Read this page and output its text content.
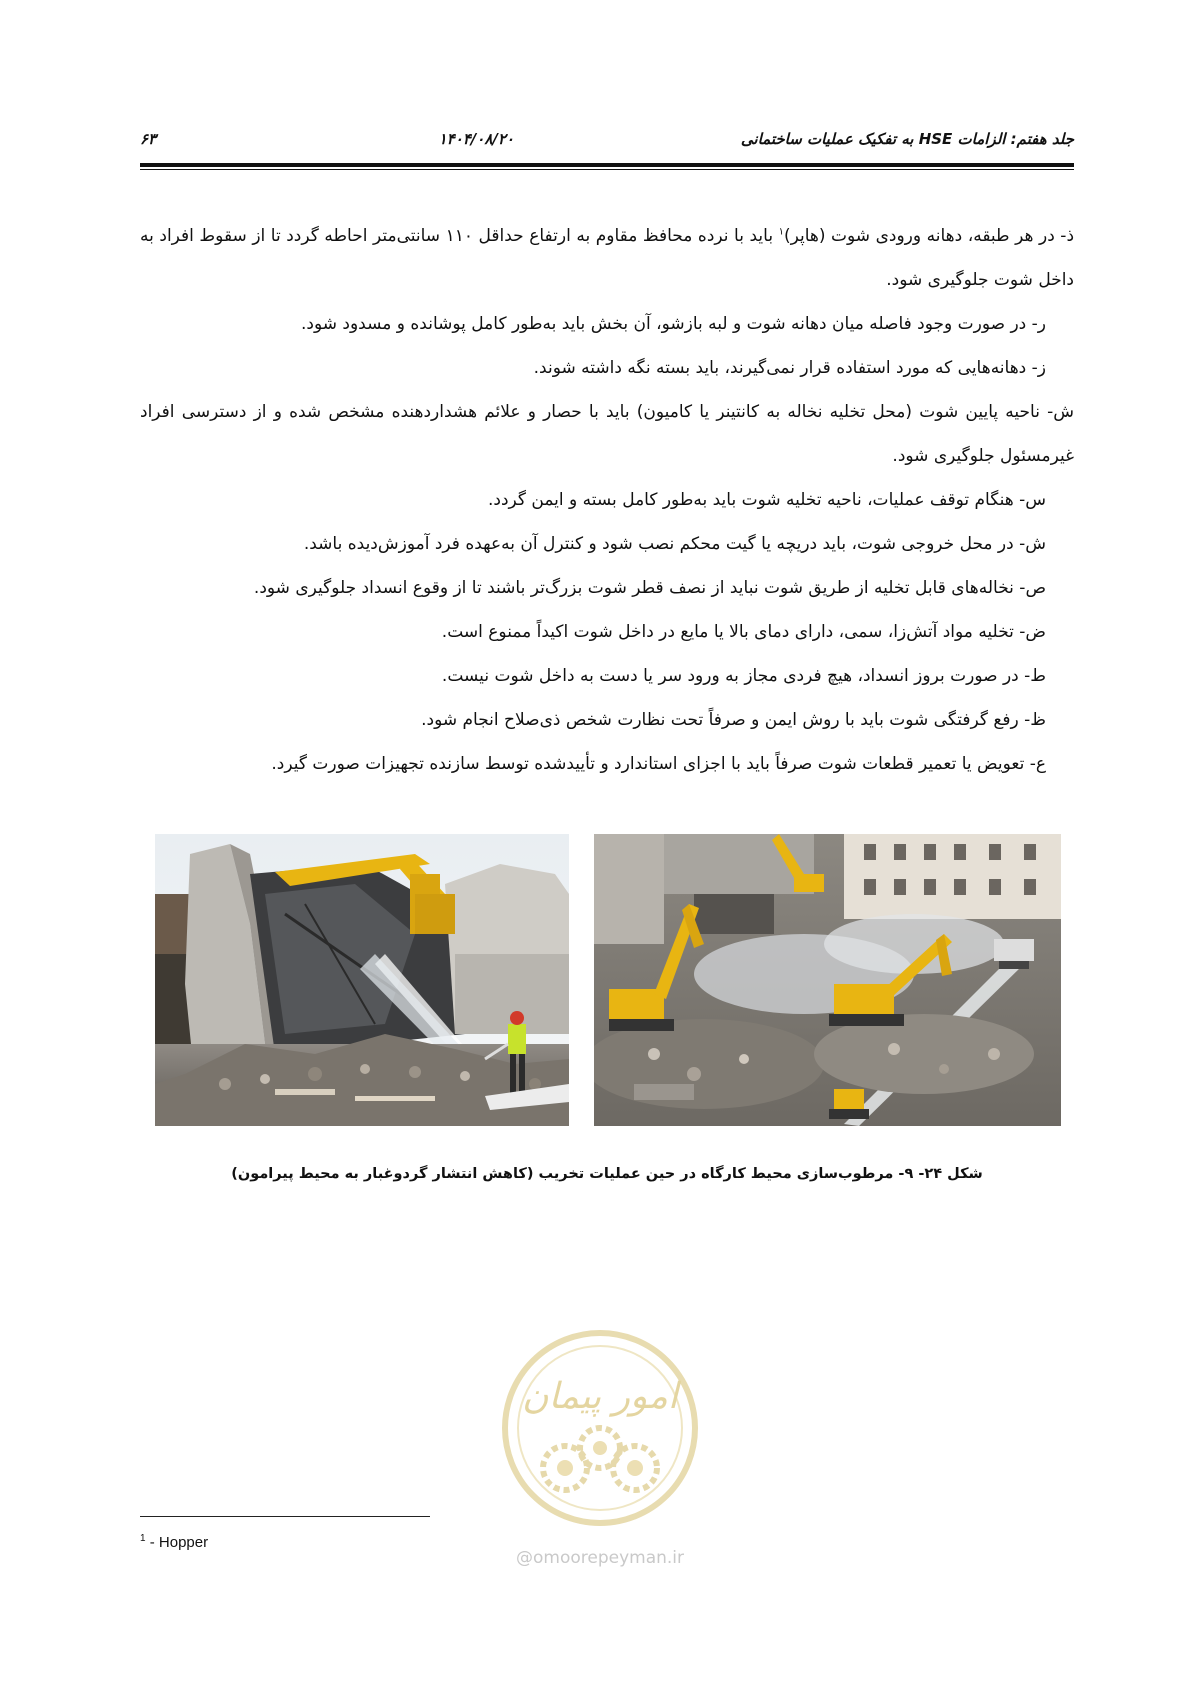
جلد هفتم: الزامات HSE به تفکیک عملیات ساختمانی
۱۴۰۴/۰۸/۲۰
۶۳

ذ- در هر طبقه، دهانه ورودی شوت (هاپر)$^۱$ باید با نرده محافظ مقاوم به ارتفاع حداقل ۱۱۰ سانتی‌متر احاطه گردد تا از سقوط افراد به داخل شوت جلوگیری شود.

ر- در صورت وجود فاصله میان دهانه شوت و لبه بازشو، آن بخش باید به‌طور کامل پوشانده و مسدود شود.

ز- دهانه‌هایی که مورد استفاده قرار نمی‌گیرند، باید بسته نگه داشته شوند.

ش- ناحیه پایین شوت (محل تخلیه نخاله به کانتینر یا کامیون) باید با حصار و علائم هشداردهنده مشخص شده و از دسترسی افراد غیرمسئول جلوگیری شود.

س- هنگام توقف عملیات، ناحیه تخلیه شوت باید به‌طور کامل بسته و ایمن گردد.

ش- در محل خروجی شوت، باید دریچه یا گیت محکم نصب شود و کنترل آن به‌عهده فرد آموزش‌دیده باشد.

ص- نخاله‌های قابل تخلیه از طریق شوت نباید از نصف قطر شوت بزرگ‌تر باشند تا از وقوع انسداد جلوگیری شود.

ض- تخلیه مواد آتش‌زا، سمی، دارای دمای بالا یا مایع در داخل شوت اکیداً ممنوع است.

ط- در صورت بروز انسداد، هیچ فردی مجاز به ورود سر یا دست به داخل شوت نیست.

ظ- رفع گرفتگی شوت باید با روش ایمن و صرفاً تحت نظارت شخص ذی‌صلاح انجام شود.

ع- تعویض یا تعمیر قطعات شوت صرفاً باید با اجزای استاندارد و تأییدشده توسط سازنده تجهیزات صورت گیرد.

شکل ۲۴- ۹- مرطوب‌سازی محیط کارگاه در حین عملیات تخریب (کاهش انتشار گردوغبار به محیط پیرامون)
امور پیمان
@omoorepeyman.ir
$^1$ - Hopper
